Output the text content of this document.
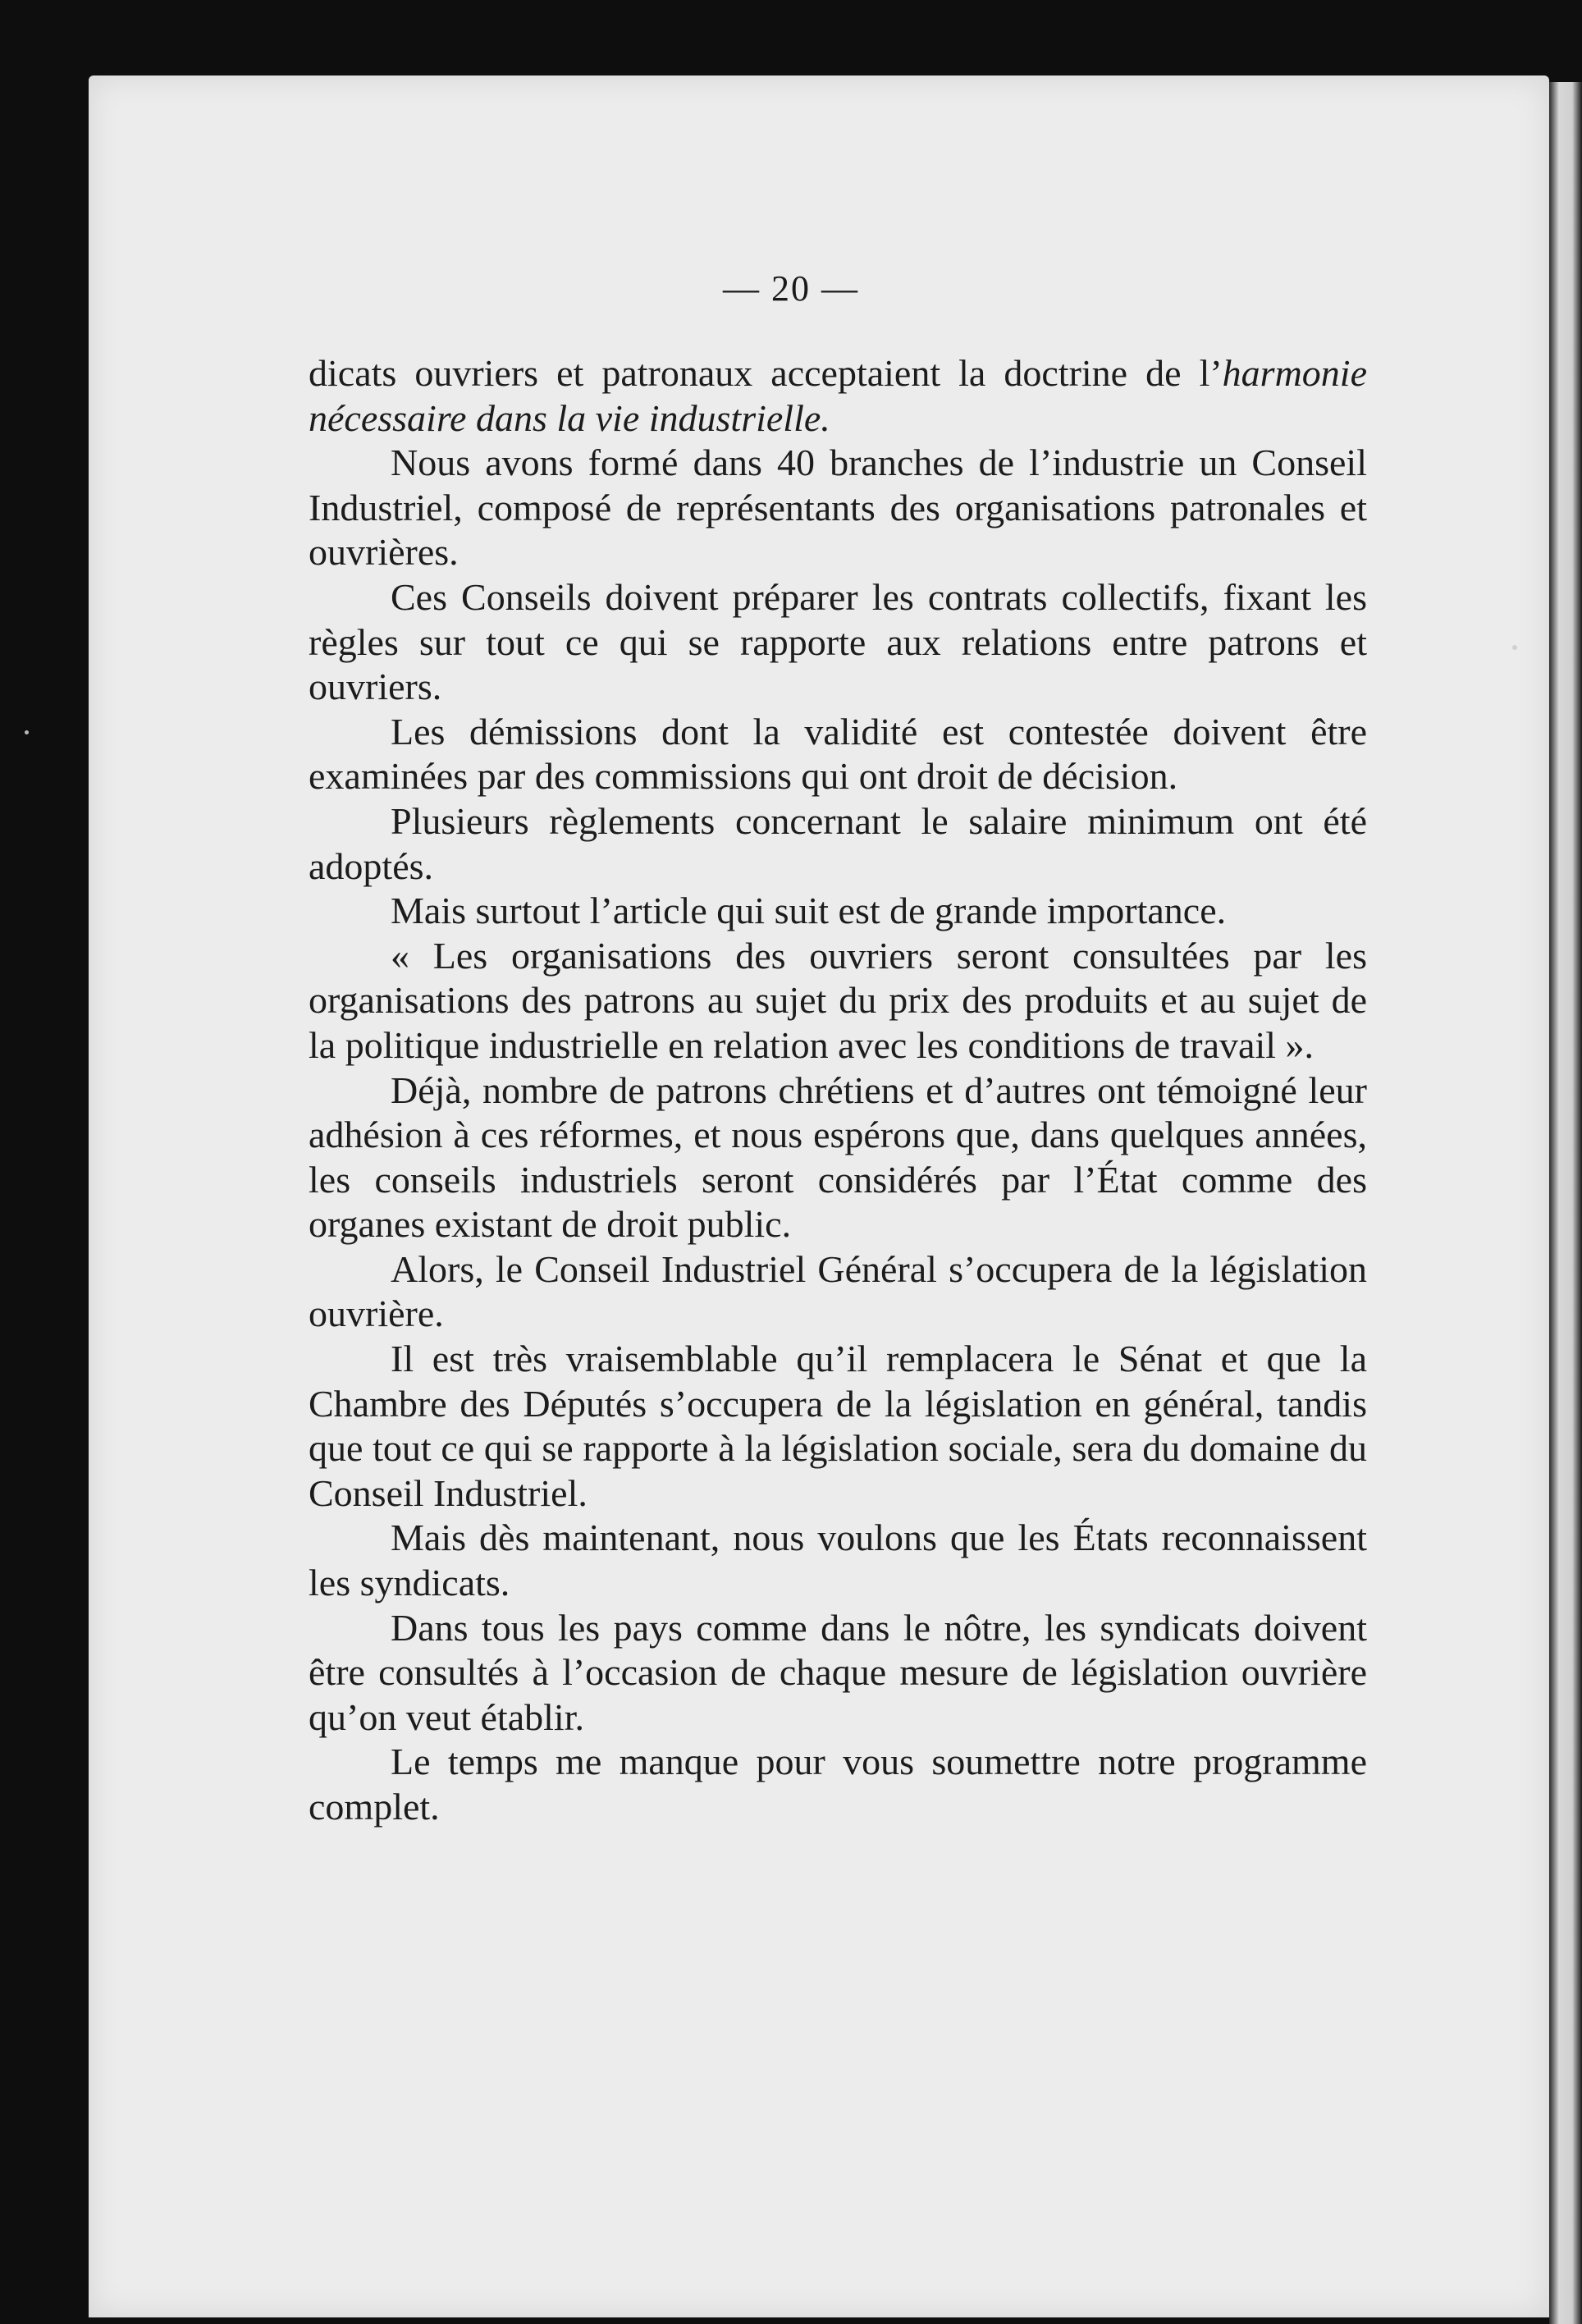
— 20 —

dicats ouvriers et patronaux acceptaient la doctrine de l’harmonie nécessaire dans la vie industrielle.

Nous avons formé dans 40 branches de l’industrie un Conseil Industriel, composé de représentants des organisations patronales et ouvrières.

Ces Conseils doivent préparer les contrats collectifs, fixant les règles sur tout ce qui se rapporte aux relations entre patrons et ouvriers.

Les démissions dont la validité est contestée doivent être examinées par des commissions qui ont droit de décision.

Plusieurs règlements concernant le salaire minimum ont été adoptés.

Mais surtout l’article qui suit est de grande importance.

« Les organisations des ouvriers seront consultées par les organisations des patrons au sujet du prix des produits et au sujet de la politique industrielle en relation avec les conditions de travail ».

Déjà, nombre de patrons chrétiens et d’autres ont témoigné leur adhésion à ces réformes, et nous espérons que, dans quelques années, les conseils industriels seront considérés par l’État comme des organes existant de droit public.

Alors, le Conseil Industriel Général s’occupera de la législation ouvrière.

Il est très vraisemblable qu’il remplacera le Sénat et que la Chambre des Députés s’occupera de la législation en général, tandis que tout ce qui se rapporte à la législation sociale, sera du domaine du Conseil Industriel.

Mais dès maintenant, nous voulons que les États reconnaissent les syndicats.

Dans tous les pays comme dans le nôtre, les syndicats doivent être consultés à l’occasion de chaque mesure de législation ouvrière qu’on veut établir.

Le temps me manque pour vous soumettre notre programme complet.
